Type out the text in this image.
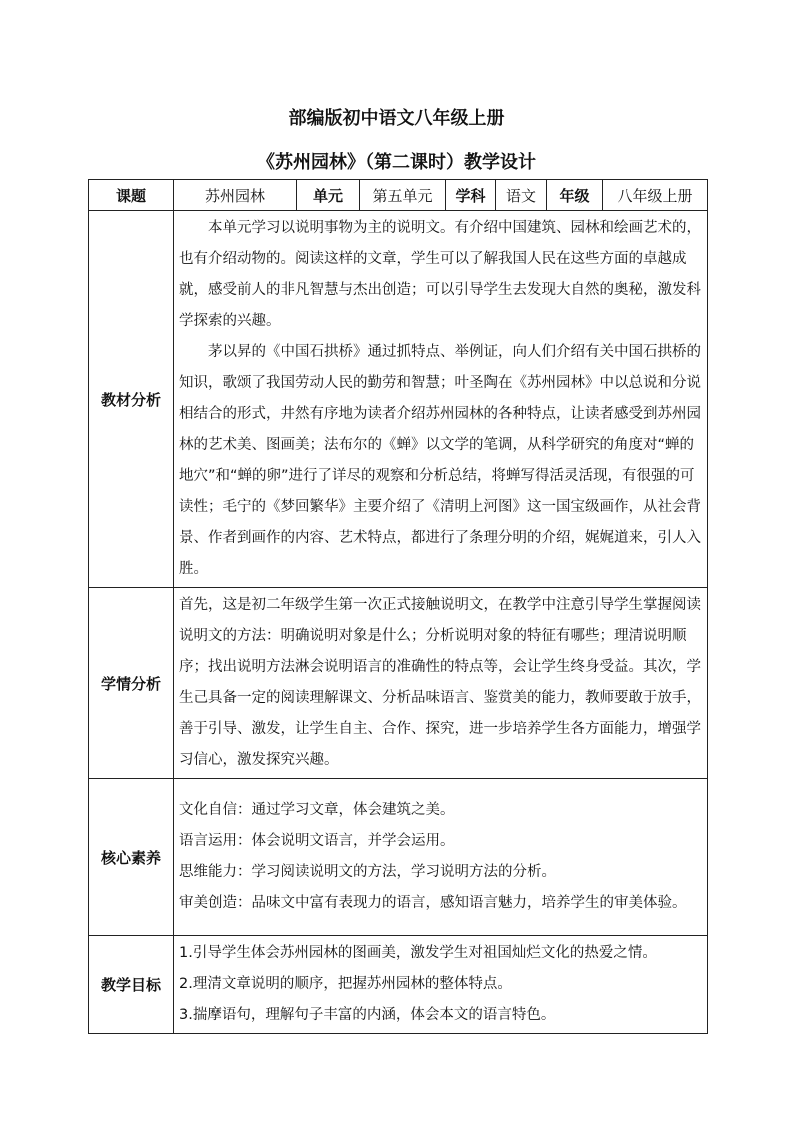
部编版初中语文八年级上册
《苏州园林》（第二课时）教学设计
课题	苏州园林	单元	第五单元	学科	语文	年级	八年级上册
教材分析	本单元学习以说明事物为主的说明文。有介绍中国建筑、园林和绘画艺术的，也有介绍动物的。阅读这样的文章，学生可以了解我国人民在这些方面的卓越成就，感受前人的非凡智慧与杰出创造；可以引导学生去发现大自然的奥秘，激发科学探索的兴趣。

茅以昇的《中国石拱桥》通过抓特点、举例证，向人们介绍有关中国石拱桥的知识，歌颂了我国劳动人民的勤劳和智慧；叶圣陶在《苏州园林》中以总说和分说相结合的形式，井然有序地为读者介绍苏州园林的各种特点，让读者感受到苏州园林的艺术美、图画美；法布尔的《蝉》以文学的笔调，从科学研究的角度对“蝉的地穴”和“蝉的卵”进行了详尽的观察和分析总结，将蝉写得活灵活现，有很强的可读性；毛宁的《梦回繁华》主要介绍了《清明上河图》这一国宝级画作，从社会背景、作者到画作的内容、艺术特点，都进行了条理分明的介绍，娓娓道来，引人入胜。						

学情分析	首先，这是初二年级学生第一次正式接触说明文，在教学中注意引导学生掌握阅读说明文的方法：明确说明对象是什么；分析说明对象的特征有哪些；理清说明顺序；找出说明方法淋会说明语言的准确性的特点等，会让学生终身受益。其次，学生己具备一定的阅读理解课文、分析品味语言、鉴赏美的能力，教师要敢于放手，善于引导、激发，让学生自主、合作、探究，进一步培养学生各方面能力，增强学习信心，激发探究兴趣。						

核心素养	文化自信：通过学习文章，体会建筑之美。

语言运用：体会说明文语言，并学会运用。

思维能力：学习阅读说明文的方法，学习说明方法的分析。

审美创造：品味文中富有表现力的语言，感知语言魅力，培养学生的审美体验。						

教学目标	1.引导学生体会苏州园林的图画美，激发学生对祖国灿烂文化的热爱之情。

2.理清文章说明的顺序，把握苏州园林的整体特点。

3.揣摩语句，理解句子丰富的内涵，体会本文的语言特色。						
